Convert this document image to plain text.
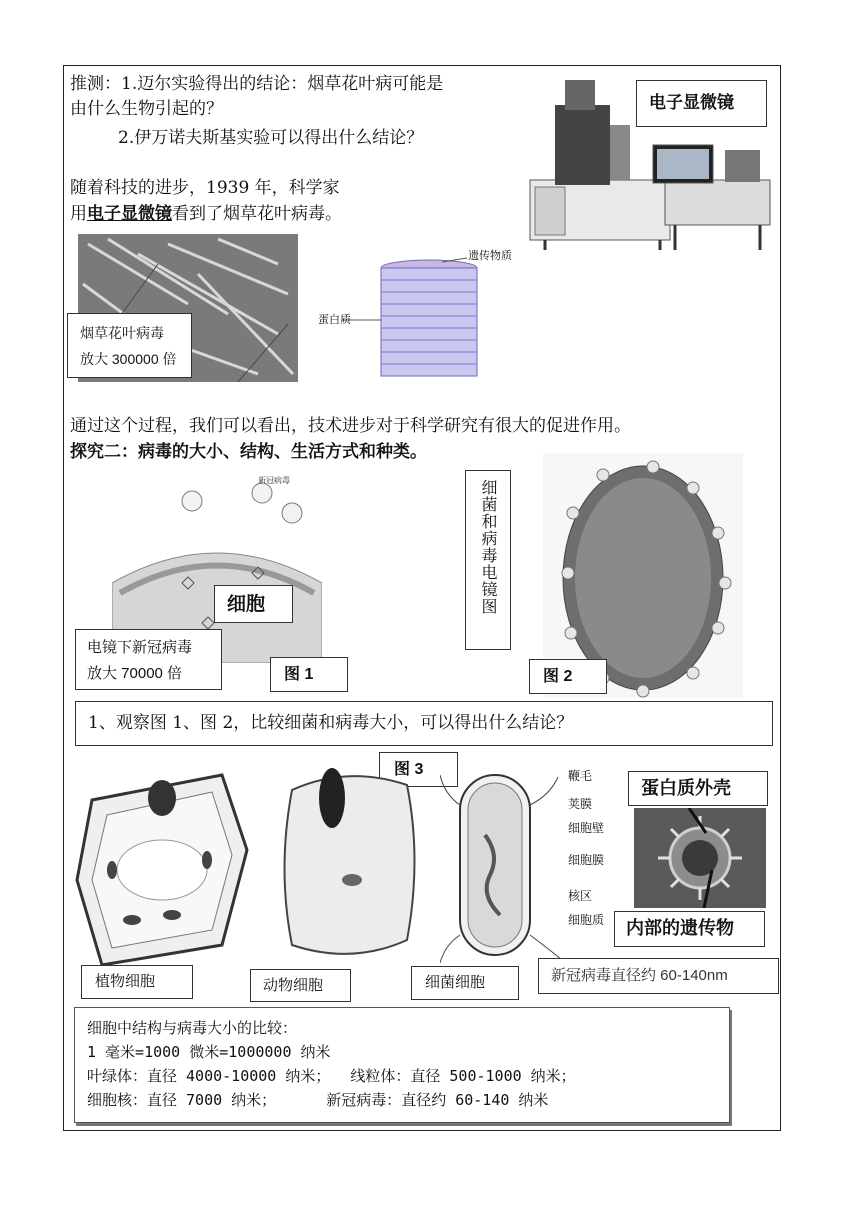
推测：1.迈尔实验得出的结论：烟草花叶病可能是
由什么生物引起的？
2.伊万诺夫斯基实验可以得出什么结论？
随着科技的进步，1939 年，科学家
用电子显微镜看到了烟草花叶病毒。
电子显微镜
烟草花叶病毒
放大 300000 倍
遗传物质
蛋白质
通过这个过程，我们可以看出，技术进步对于科学研究有很大的促进作用。
探究二：病毒的大小、结构、生活方式和种类。
新冠病毒
细胞
电镜下新冠病毒
放大 70000 倍	图 1
细菌和病毒电镜图
图 2
1、观察图 1、图 2，比较细菌和病毒大小，可以得出什么结论？
图 3
植物细胞	动物细胞
鞭毛
荚膜
细胞壁
细胞膜
核区
细胞质
细菌细胞
蛋白质外壳
内部的遗传物
新冠病毒直径约 60-140nm
细胞中结构与病毒大小的比较：
1 毫米=1000 微米=1000000 纳米
叶绿体：直径 4000-10000 纳米； 线粒体：直径 500-1000 纳米；
细胞核：直径 7000 纳米；	新冠病毒：直径约 60-140 纳米
